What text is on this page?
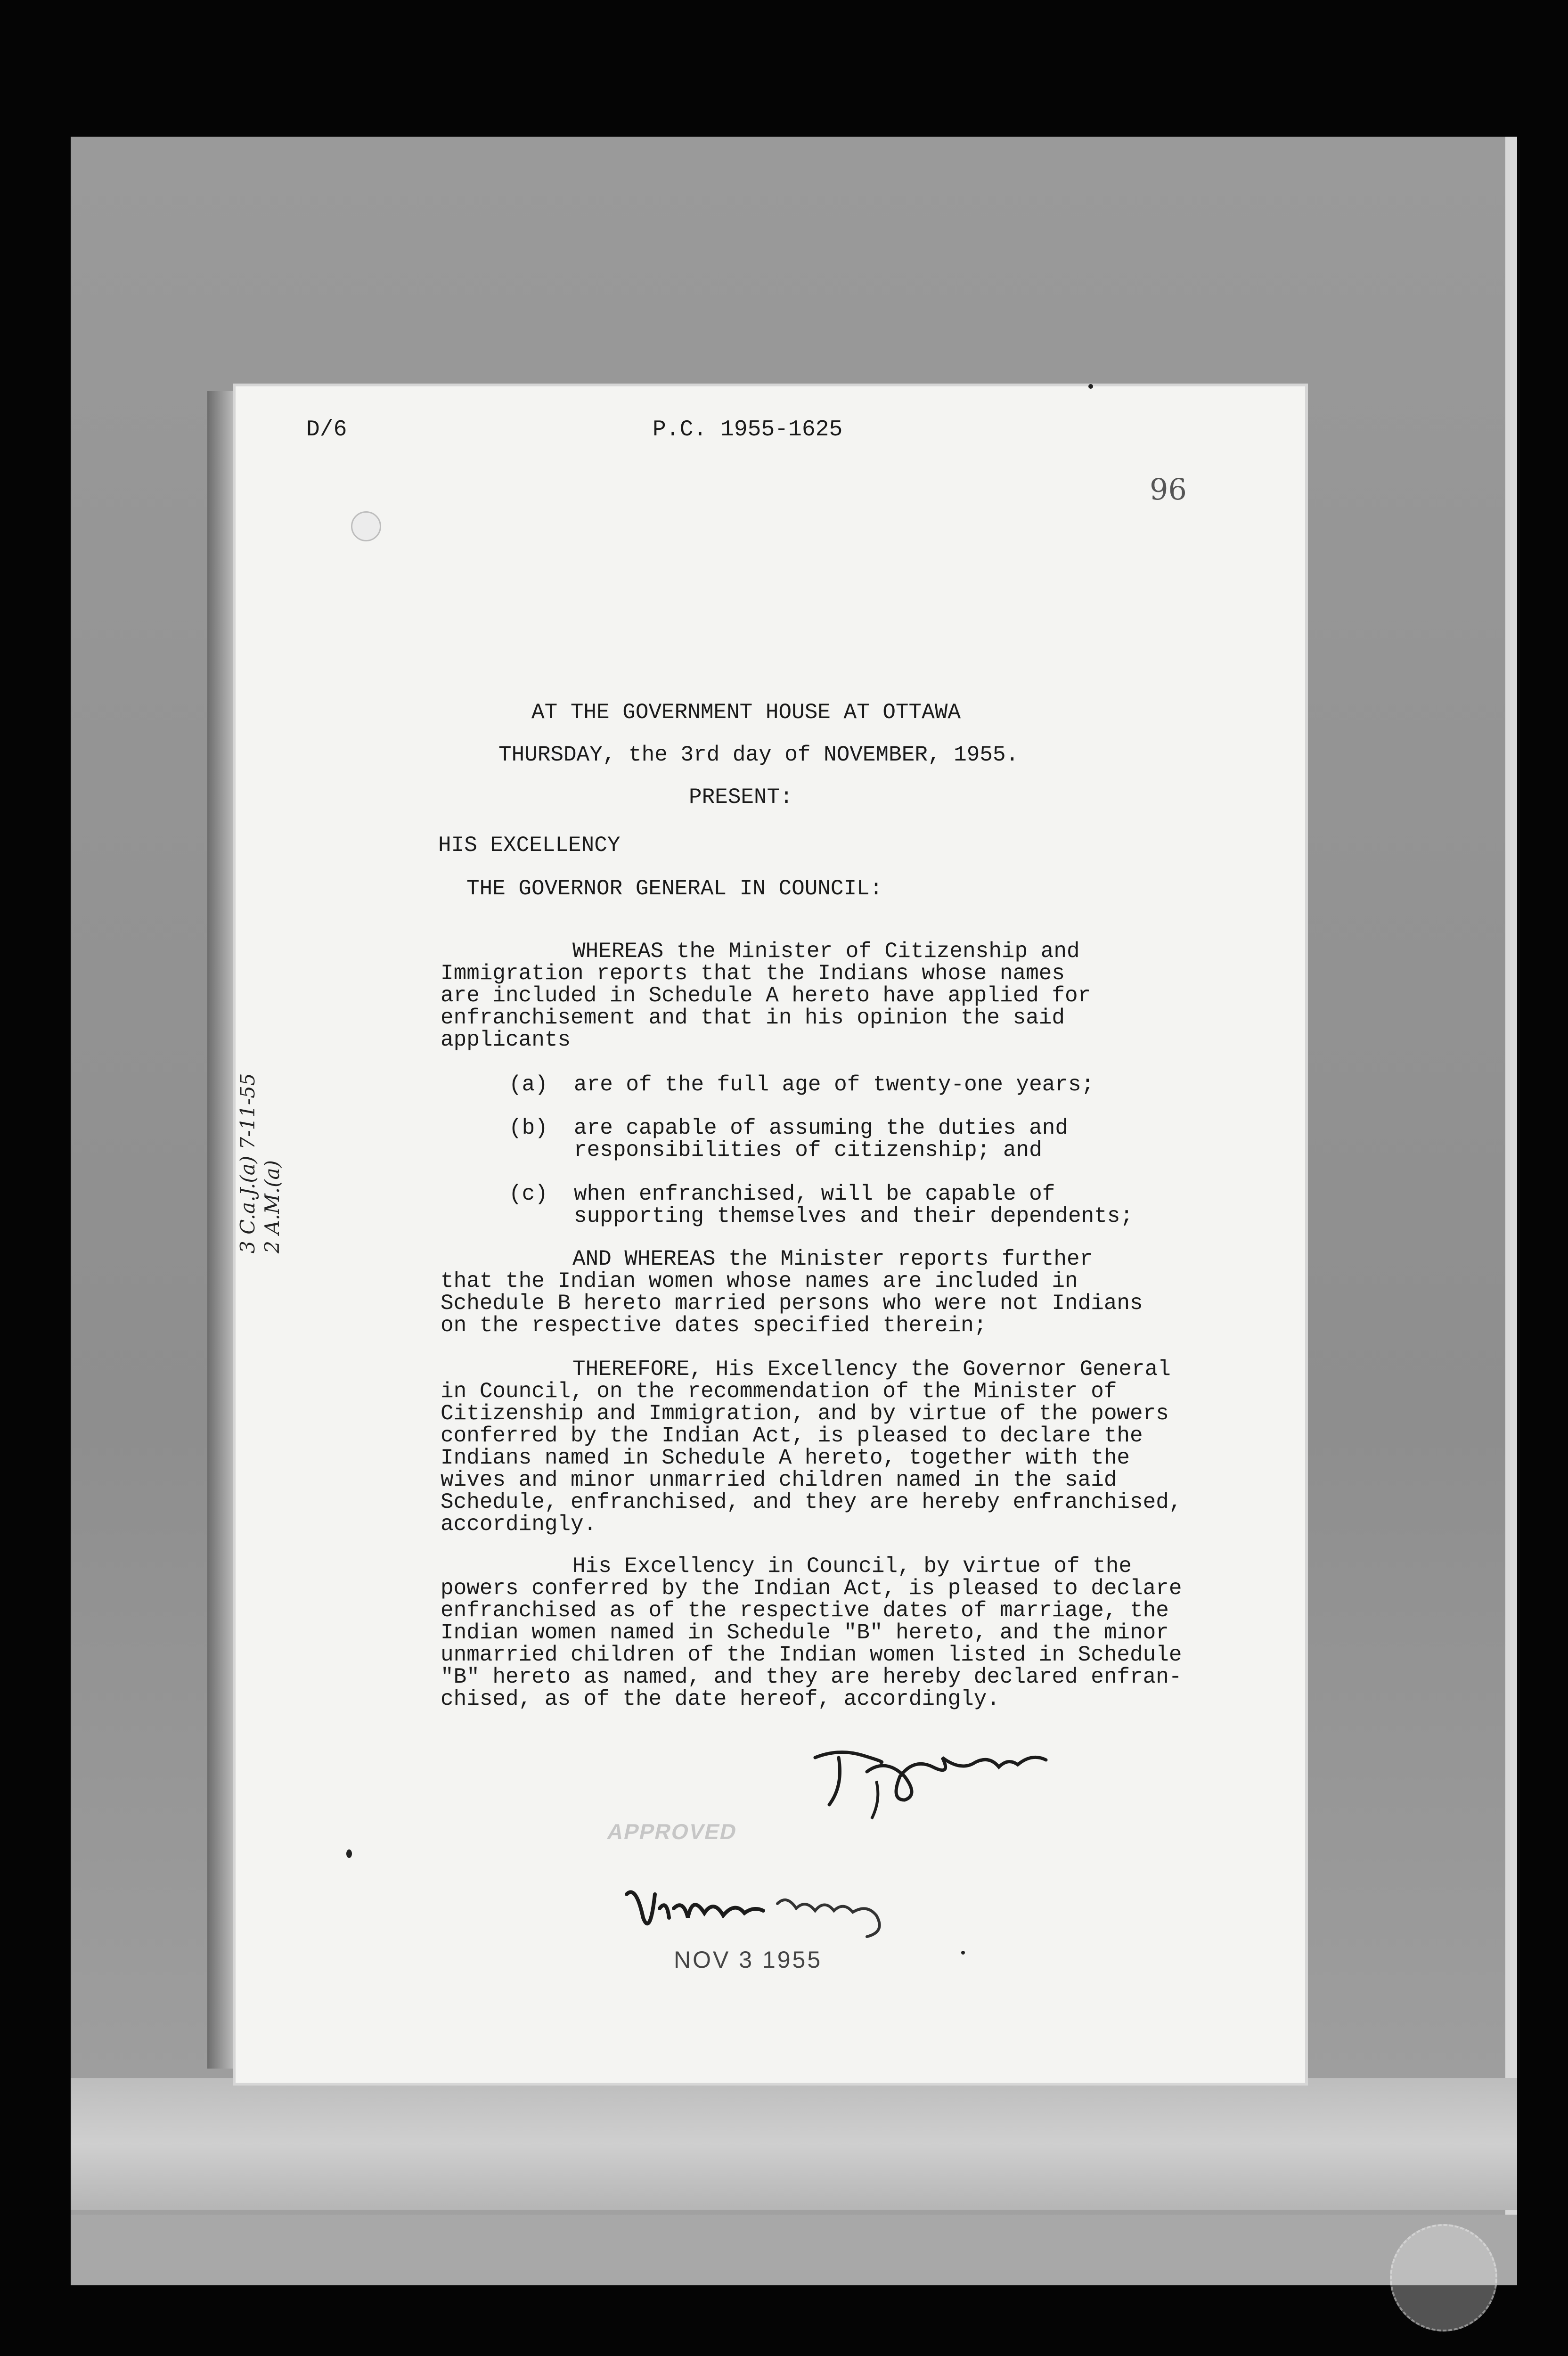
D/6	P.C. 1955-1625
96
AT THE GOVERNMENT HOUSE AT OTTAWA
THURSDAY, the 3rd day of NOVEMBER, 1955.
PRESENT:
HIS EXCELLENCY
THE GOVERNOR GENERAL IN COUNCIL:
WHEREAS the Minister of Citizenship and
Immigration reports that the Indians whose names
are included in Schedule A hereto have applied for
enfranchisement and that in his opinion the said
applicants
(a) are of the full age of twenty-one years;
(b) are capable of assuming the duties and
responsibilities of citizenship; and
(c) when enfranchised, will be capable of
supporting themselves and their dependents;
AND WHEREAS the Minister reports further
that the Indian women whose names are included in
Schedule B hereto married persons who were not Indians
on the respective dates specified therein;
THEREFORE, His Excellency the Governor General
in Council, on the recommendation of the Minister of
Citizenship and Immigration, and by virtue of the powers
conferred by the Indian Act, is pleased to declare the
Indians named in Schedule A hereto, together with the
wives and minor unmarried children named in the said
Schedule, enfranchised, and they are hereby enfranchised,
accordingly.
His Excellency in Council, by virtue of the
powers conferred by the Indian Act, is pleased to declare
enfranchised as of the respective dates of marriage, the
Indian women named in Schedule "B" hereto, and the minor
unmarried children of the Indian women listed in Schedule
"B" hereto as named, and they are hereby declared enfran-
chised, as of the date hereof, accordingly.
3 C.a.J.(a) 7-11-55 2 A.M.(a)
APPROVED
NOV 3 1955
